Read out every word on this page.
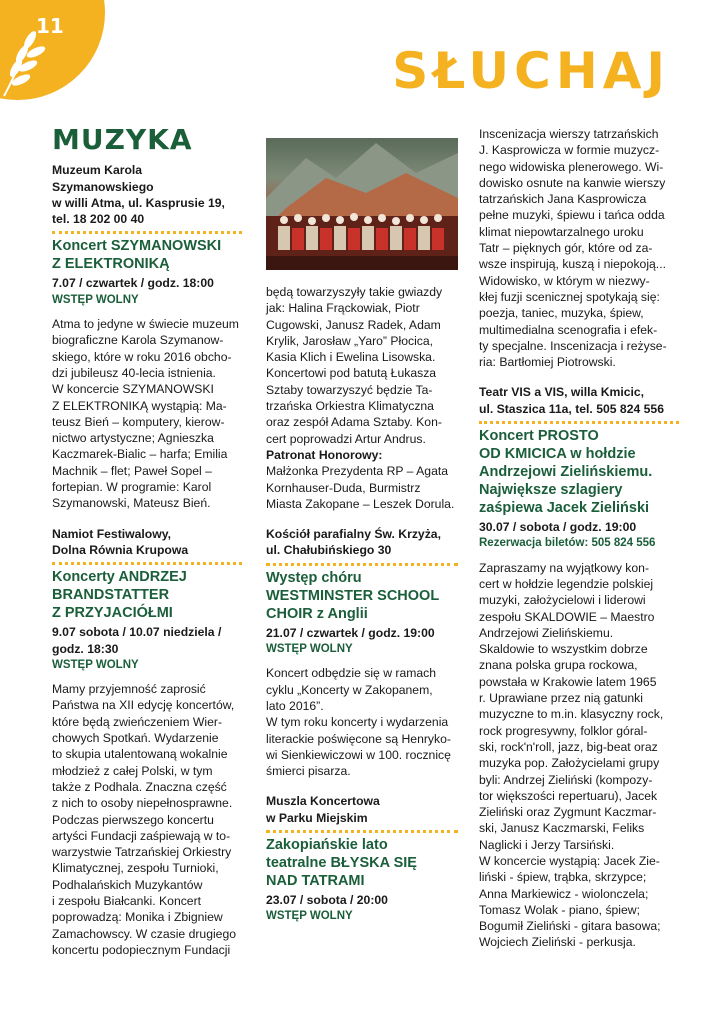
11
SŁUCHAJ
MUZYKA
Muzeum Karola Szymanowskiego
w willi Atma, ul. Kasprusie 19,
tel. 18 202 00 40
Koncert SZYMANOWSKI
Z ELEKTRONIKĄ
7.07 / czwartek / godz. 18:00
WSTĘP WOLNY
Atma to jedyne w świecie muzeum
biograficzne Karola Szymanow-
skiego, które w roku 2016 obcho-
dzi jubileusz 40-lecia istnienia.
W koncercie SZYMANOWSKI
Z ELEKTRONIKĄ wystąpią: Ma-
teusz Bień – komputery, kierow-
nictwo artystyczne; Agnieszka
Kaczmarek-Bialic – harfa; Emilia
Machnik – flet; Paweł Sopel –
fortepian. W programie: Karol
Szymanowski, Mateusz Bień.
Namiot Festiwalowy,
Dolna Równia Krupowa
Koncerty ANDRZEJ
BRANDSTATTER
Z PRZYJACIÓŁMI
9.07 sobota / 10.07 niedziela /
godz. 18:30
WSTĘP WOLNY
Mamy przyjemność zaprosić
Państwa na XII edycję koncertów,
które będą zwieńczeniem Wier-
chowych Spotkań. Wydarzenie
to skupia utalentowaną wokalnie
młodzież z całej Polski, w tym
także z Podhala. Znaczna część
z nich to osoby niepełnosprawne.
Podczas pierwszego koncertu
artyści Fundacji zaśpiewają w to-
warzystwie Tatrzańskiej Orkiestry
Klimatycznej, zespołu Turnioki,
Podhalańskich Muzykantów
i zespołu Białcanki. Koncert
poprowadzą: Monika i Zbigniew
Zamachowscy. W czasie drugiego
koncertu podopiecznym Fundacji
będą towarzyszyły takie gwiazdy
jak: Halina Frąckowiak, Piotr
Cugowski, Janusz Radek, Adam
Krylik, Jarosław „Yaro” Płocica,
Kasia Klich i Ewelina Lisowska.
Koncertowi pod batutą Łukasza
Sztaby towarzyszyć będzie Ta-
trzańska Orkiestra Klimatyczna
oraz zespół Adama Sztaby. Kon-
cert poprowadzi Artur Andrus.
Patronat Honorowy:
Małżonka Prezydenta RP – Agata
Kornhauser-Duda, Burmistrz
Miasta Zakopane – Leszek Dorula.
Kościół parafialny Św. Krzyża,
ul. Chałubińskiego 30
Występ chóru
WESTMINSTER SCHOOL
CHOIR z Anglii
21.07 / czwartek / godz. 19:00
WSTĘP WOLNY
Koncert odbędzie się w ramach
cyklu „Koncerty w Zakopanem,
lato 2016”.
W tym roku koncerty i wydarzenia
literackie poświęcone są Henryko-
wi Sienkiewiczowi w 100. rocznicę
śmierci pisarza.
Muszla Koncertowa
w Parku Miejskim
Zakopiańskie lato
teatralne BŁYSKA SIĘ
NAD TATRAMI
23.07 / sobota / 20:00
WSTĘP WOLNY
Inscenizacja wierszy tatrzańskich
J. Kasprowicza w formie muzycz-
nego widowiska plenerowego. Wi-
dowisko osnute na kanwie wierszy
tatrzańskich Jana Kasprowicza
pełne muzyki, śpiewu i tańca odda
klimat niepowtarzalnego uroku
Tatr – pięknych gór, które od za-
wsze inspirują, kuszą i niepokoją...
Widowisko, w którym w niezwy-
kłej fuzji scenicznej spotykają się:
poezja, taniec, muzyka, śpiew,
multimedialna scenografia i efek-
ty specjalne. Inscenizacja i reżyse-
ria: Bartłomiej Piotrowski.
Teatr VIS a VIS, willa Kmicic,
ul. Staszica 11a, tel. 505 824 556
Koncert PROSTO
OD KMICICA w hołdzie
Andrzejowi Zielińskiemu.
Największe szlagiery
zaśpiewa Jacek Zieliński
30.07 / sobota / godz. 19:00
Rezerwacja biletów: 505 824 556
Zapraszamy na wyjątkowy kon-
cert w hołdzie legendzie polskiej
muzyki, założycielowi i liderowi
zespołu SKALDOWIE – Maestro
Andrzejowi Zielińskiemu.
Skaldowie to wszystkim dobrze
znana polska grupa rockowa,
powstała w Krakowie latem 1965
r. Uprawiane przez nią gatunki
muzyczne to m.in. klasyczny rock,
rock progresywny, folklor góral-
ski, rock'n'roll, jazz, big-beat oraz
muzyka pop. Założycielami grupy
byli: Andrzej Zieliński (kompozy-
tor większości repertuaru), Jacek
Zieliński oraz Zygmunt Kaczmar-
ski, Janusz Kaczmarski, Feliks
Naglicki i Jerzy Tarsiński.
W koncercie wystąpią: Jacek Zie-
liński - śpiew, trąbka, skrzypce;
Anna Markiewicz - wiolonczela;
Tomasz Wolak - piano, śpiew;
Bogumił Zieliński - gitara basowa;
Wojciech Zieliński - perkusja.
